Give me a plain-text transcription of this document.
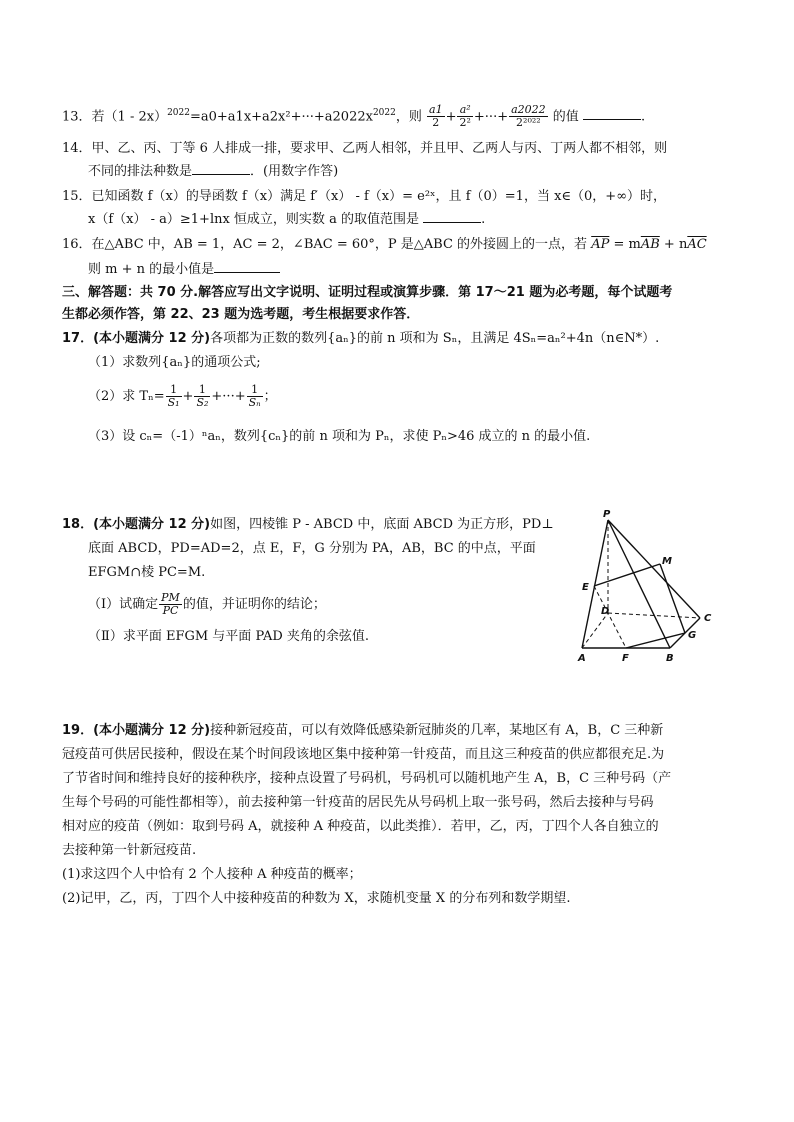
13．若$(1 - 2x)^{2022}=a0+a1x+a2x^2+\cdot\cdot\cdot+a2022x^{2022}$，则 $\frac{a1}{2} + \frac{\text{a²}}{\text{2²}}$ +···+ $\frac{a2022}{\text{2²⁰²²}}$ 的值	.
14．甲、乙、丙、丁等 6 人排成一排，要求甲、乙两人相邻，并且甲、乙两人与丙、丁两人都不相邻，则
不同的排法种数是	．(用数字作答)
15．已知函数 f（x）的导函数 f（x）满足 f′（x） - f（x）= e²ˣ，且 f（0）=1，当 x∈（0，+∞）时，
x（f（x） - a）≥1+lnx 恒成立，则实数 a 的取值范围是	.
16．在△ABC 中，AB = 1，AC = 2，∠BAC = 60°，P 是△ABC 的外接圆上的一点，若 $\overline{AP} = m\overline{AB} + n\overline{AC}$
则 m + n 的最小值是
三、解答题：共 70 分.解答应写出文字说明、证明过程或演算步骤．第 17～21 题为必考题，每个试题考
生都必须作答，第 22、23 题为选考题，考生根据要求作答．
17．(本小题满分 12 分)各项都为正数的数列{aₙ}的前 n 项和为 Sₙ，且满足 4Sₙ=aₙ²+4n（n∈N*）.
（1）求数列{aₙ}的通项公式;
（2）求 $T_n= \frac{1}{\text{S₁}} + \frac{1}{\text{S₂}}$ +···+ $\frac{1}{\text{Sₙ}}$ ；
（3）设 cₙ=（-1）ⁿaₙ，数列{cₙ}的前 n 项和为 Pₙ，求使 Pₙ>46 成立的 n 的最小值.
18．(本小题满分 12 分)如图，四棱锥 P - ABCD 中，底面 ABCD 为正方形，PD⊥
底面 ABCD，PD=AD=2，点 E，F，G 分别为 PA，AB，BC 的中点，平面
EFGM∩棱 PC=M.
（Ⅰ）试确定 $\frac{PM}{PC}$ 的值，并证明你的结论；
（Ⅱ）求平面 EFGM 与平面 PAD 夹角的余弦值.
P
M
E
D
C
G
A	F	B
19．(本小题满分 12 分)接种新冠疫苗，可以有效降低感染新冠肺炎的几率，某地区有 A，B，C 三种新
冠疫苗可供居民接种，假设在某个时间段该地区集中接种第一针疫苗，而且这三种疫苗的供应都很充足.为
了节省时间和维持良好的接种秩序，接种点设置了号码机，号码机可以随机地产生 A，B，C 三种号码（产
生每个号码的可能性都相等），前去接种第一针疫苗的居民先从号码机上取一张号码，然后去接种与号码
相对应的疫苗（例如：取到号码 A，就接种 A 种疫苗，以此类推）．若甲，乙，丙，丁四个人各自独立的
去接种第一针新冠疫苗.
(1)求这四个人中恰有 2 个人接种 A 种疫苗的概率；
(2)记甲，乙，丙，丁四个人中接种疫苗的种数为 X，求随机变量 X 的分布列和数学期望.
